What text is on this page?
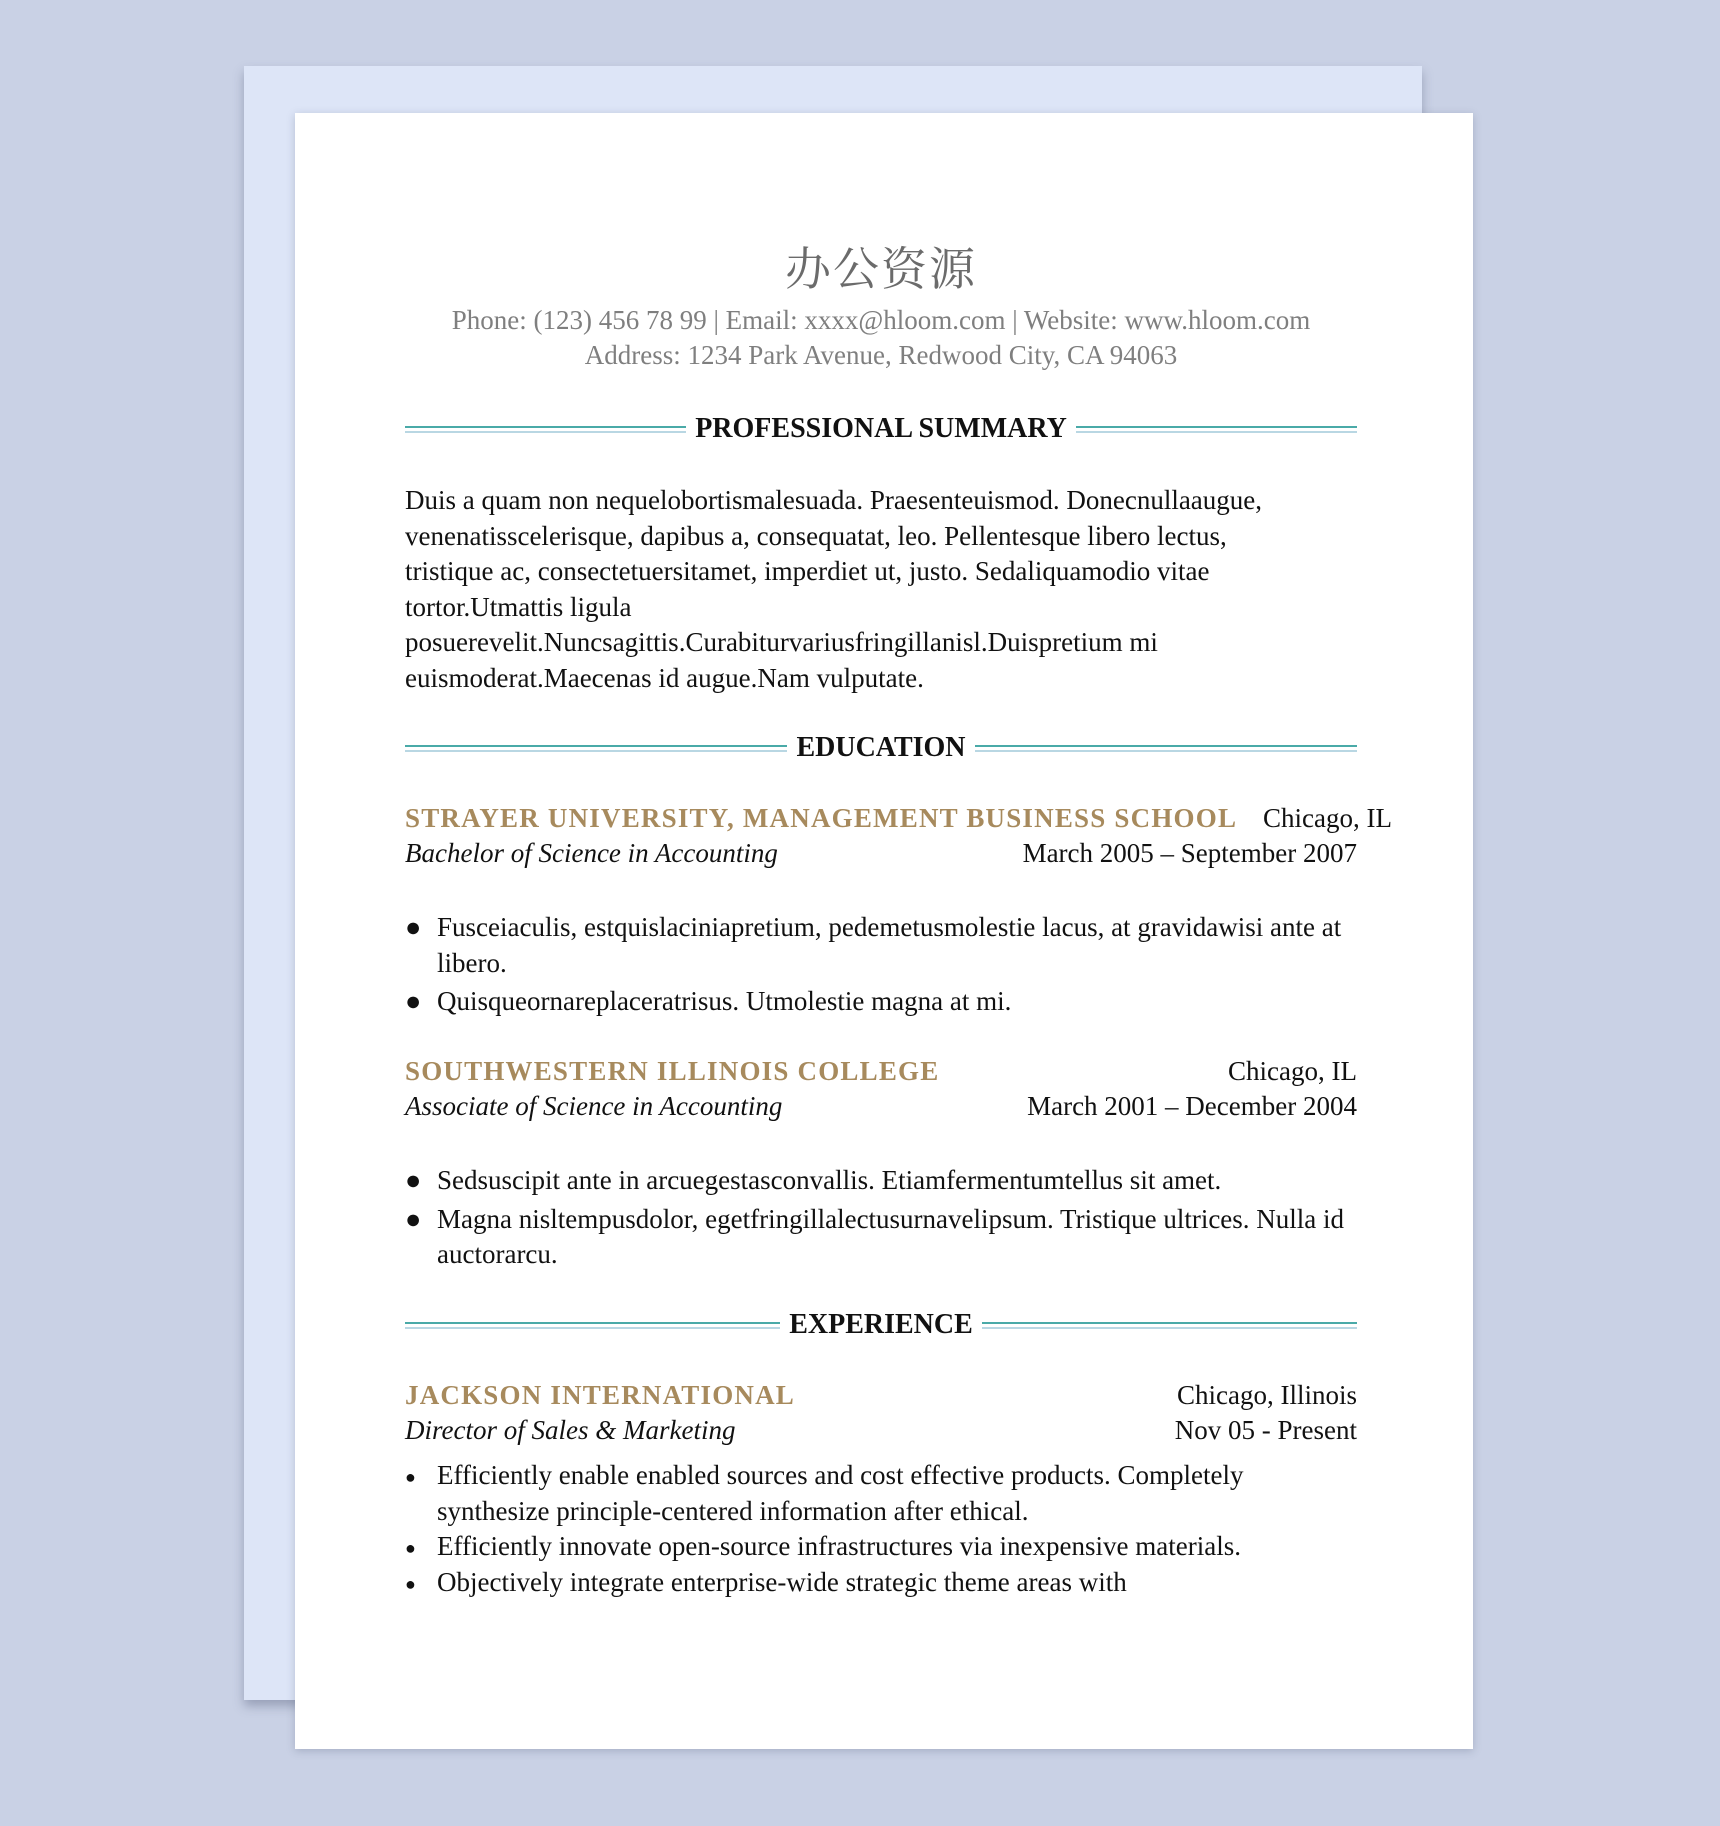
办公资源
Phone: (123) 456 78 99 | Email: xxxx@hloom.com | Website: www.hloom.com
Address: 1234 Park Avenue, Redwood City, CA 94063
PROFESSIONAL SUMMARY
Duis a quam non nequelobortismalesuada. Praesenteuismod. Donecnullaaugue,
venenatisscelerisque, dapibus a, consequatat, leo. Pellentesque libero lectus,
tristique ac, consectetuersitamet, imperdiet ut, justo. Sedaliquamodio vitae
tortor.Utmattis ligula
posuerevelit.Nuncsagittis.Curabiturvariusfringillanisl.Duispretium mi
euismoderat.Maecenas id augue.Nam vulputate.
EDUCATION
STRAYER UNIVERSITY, MANAGEMENT BUSINESS SCHOOL Chicago, IL
Bachelor of Science in Accounting	March 2005 – September 2007
● Fusceiaculis, estquislaciniapretium, pedemetusmolestie lacus, at gravidawisi ante at libero.
● Quisqueornareplaceratrisus. Utmolestie magna at mi.
SOUTHWESTERN ILLINOIS COLLEGE	Chicago, IL
Associate of Science in Accounting	March 2001 – December 2004
● Sedsuscipit ante in arcuegestasconvallis. Etiamfermentumtellus sit amet.
● Magna nisltempusdolor, egetfringillalectusurnavelipsum. Tristique ultrices. Nulla id auctorarcu.
EXPERIENCE
JACKSON INTERNATIONAL	Chicago, Illinois
Director of Sales & Marketing	Nov 05 - Present
● Efficiently enable enabled sources and cost effective products. Completely synthesize principle-centered information after ethical.
● Efficiently innovate open-source infrastructures via inexpensive materials.
● Objectively integrate enterprise-wide strategic theme areas with
